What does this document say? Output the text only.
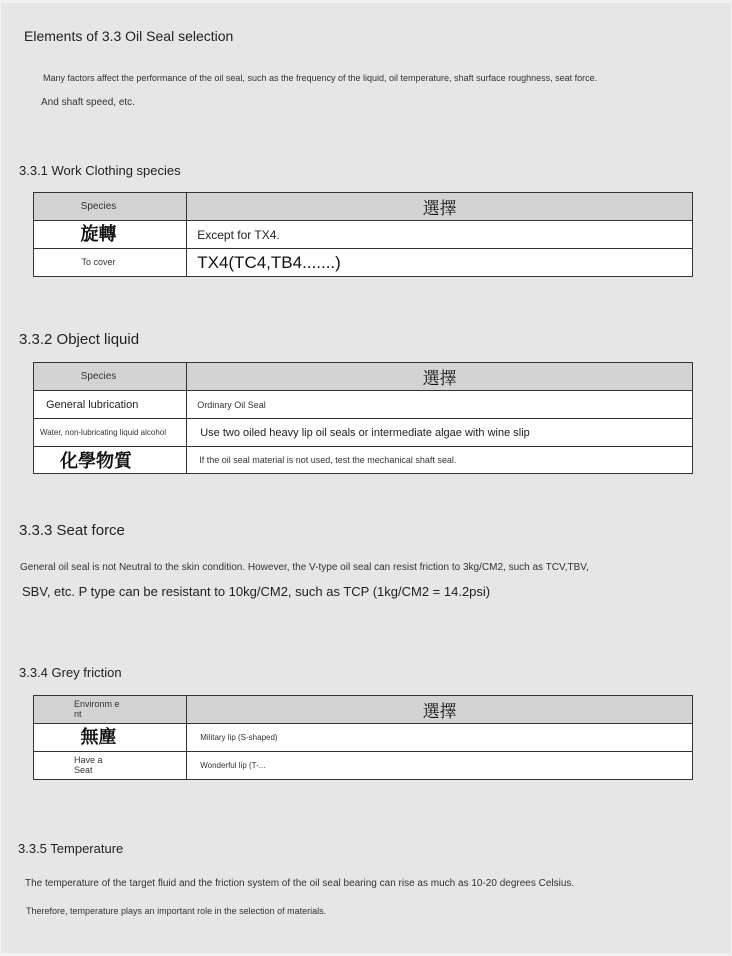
Elements of 3.3 Oil Seal selection
Many factors affect the performance of the oil seal, such as the frequency of the liquid, oil temperature, shaft surface roughness, seat force.
And shaft speed, etc.
3.3.1 Work Clothing species
Species	選擇

旋轉	Except for TX4.

To cover	TX4(TC4,TB4.......)
3.3.2 Object liquid
Species	選擇
General lubrication	Ordinary Oil Seal
Water, non-lubricating liquid alcohol	Use two oiled heavy lip oil seals or intermediate algae with wine slip
化學物質	If the oil seal material is not used, test the mechanical shaft seal.
3.3.3 Seat force
General oil seal is not Neutral to the skin condition. However, the V-type oil seal can resist friction to 3kg/CM2, such as TCV,TBV,
SBV, etc. P type can be resistant to 10kg/CM2, such as TCP (1kg/CM2 = 14.2psi)
3.3.4 Grey friction
Environm ent	選擇

無塵	Military lip (S-shaped)

Have a Seat	Wonderful lip (T-...
3.3.5 Temperature
The temperature of the target fluid and the friction system of the oil seal bearing can rise as much as 10-20 degrees Celsius.
Therefore, temperature plays an important role in the selection of materials.
